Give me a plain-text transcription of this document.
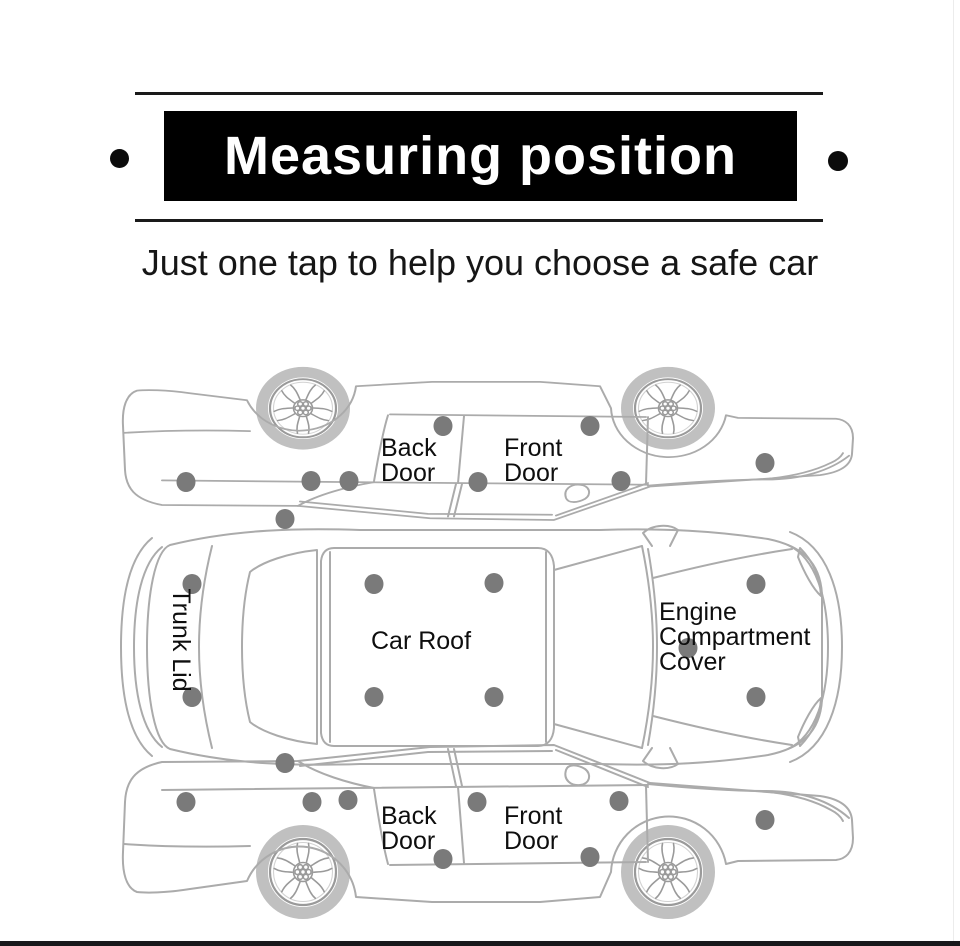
Measuring position
Just one tap to help you choose a safe car
Back Door
Front Door
Trunk Lid	Car Roof
Engine Compartment Cover
Back Door
Front Door
